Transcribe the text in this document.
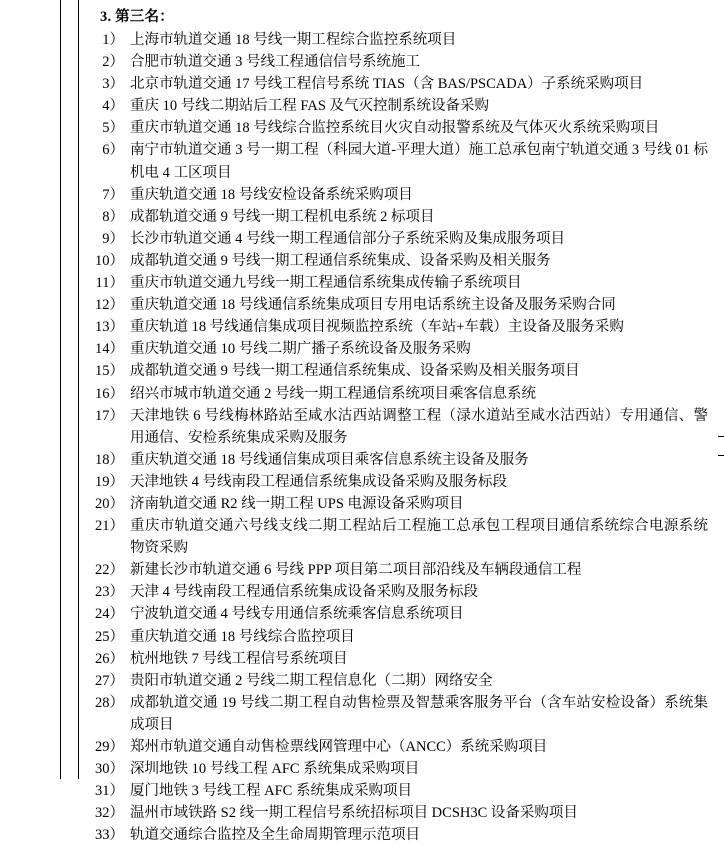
3. 第三名：
1） 上海市轨道交通 18 号线一期工程综合监控系统项目
2） 合肥市轨道交通 3 号线工程通信信号系统施工
3） 北京市轨道交通 17 号线工程信号系统 TIAS（含 BAS/PSCADA）子系统采购项目
4） 重庆 10 号线二期站后工程 FAS 及气灭控制系统设备采购
5） 重庆市轨道交通 18 号线综合监控系统目火灾自动报警系统及气体灭火系统采购项目
6） 南宁市轨道交通 3 号一期工程（科园大道-平理大道）施工总承包南宁轨道交通 3 号线 01 标机电 4 工区项目
7） 重庆轨道交通 18 号线安检设备系统采购项目
8） 成都轨道交通 9 号线一期工程机电系统 2 标项目
9） 长沙市轨道交通 4 号线一期工程通信部分子系统采购及集成服务项目
10） 成都轨道交通 9 号线一期工程通信系统集成、设备采购及相关服务
11） 重庆市轨道交通九号线一期工程通信系统集成传输子系统项目
12） 重庆轨道交通 18 号线通信系统集成项目专用电话系统主设备及服务采购合同
13） 重庆轨道 18 号线通信集成项目视频监控系统（车站+车载）主设备及服务采购
14） 重庆轨道交通 10 号线二期广播子系统设备及服务采购
15） 成都轨道交通 9 号线一期工程通信系统集成、设备采购及相关服务项目
16） 绍兴市城市轨道交通 2 号线一期工程通信系统项目乘客信息系统
17） 天津地铁 6 号线梅林路站至咸水沽西站调整工程（渌水道站至咸水沽西站）专用通信、警用通信、安检系统集成采购及服务
18） 重庆轨道交通 18 号线通信集成项目乘客信息系统主设备及服务
19） 天津地铁 4 号线南段工程通信系统集成设备采购及服务标段
20） 济南轨道交通 R2 线一期工程 UPS 电源设备采购项目
21） 重庆市轨道交通六号线支线二期工程站后工程施工总承包工程项目通信系统综合电源系统物资采购
22） 新建长沙市轨道交通 6 号线 PPP 项目第二项目部沿线及车辆段通信工程
23） 天津 4 号线南段工程通信系统集成设备采购及服务标段
24） 宁波轨道交通 4 号线专用通信系统乘客信息系统项目
25） 重庆轨道交通 18 号线综合监控项目
26） 杭州地铁 7 号线工程信号系统项目
27） 贵阳市轨道交通 2 号线二期工程信息化（二期）网络安全
28） 成都轨道交通 19 号线二期工程自动售检票及智慧乘客服务平台（含车站安检设备）系统集成项目
29） 郑州市轨道交通自动售检票线网管理中心（ANCC）系统采购项目
30） 深圳地铁 10 号线工程 AFC 系统集成采购项目
31） 厦门地铁 3 号线工程 AFC 系统集成采购项目
32） 温州市域铁路 S2 线一期工程信号系统招标项目 DCSH3C 设备采购项目
33） 轨道交通综合监控及全生命周期管理示范项目
